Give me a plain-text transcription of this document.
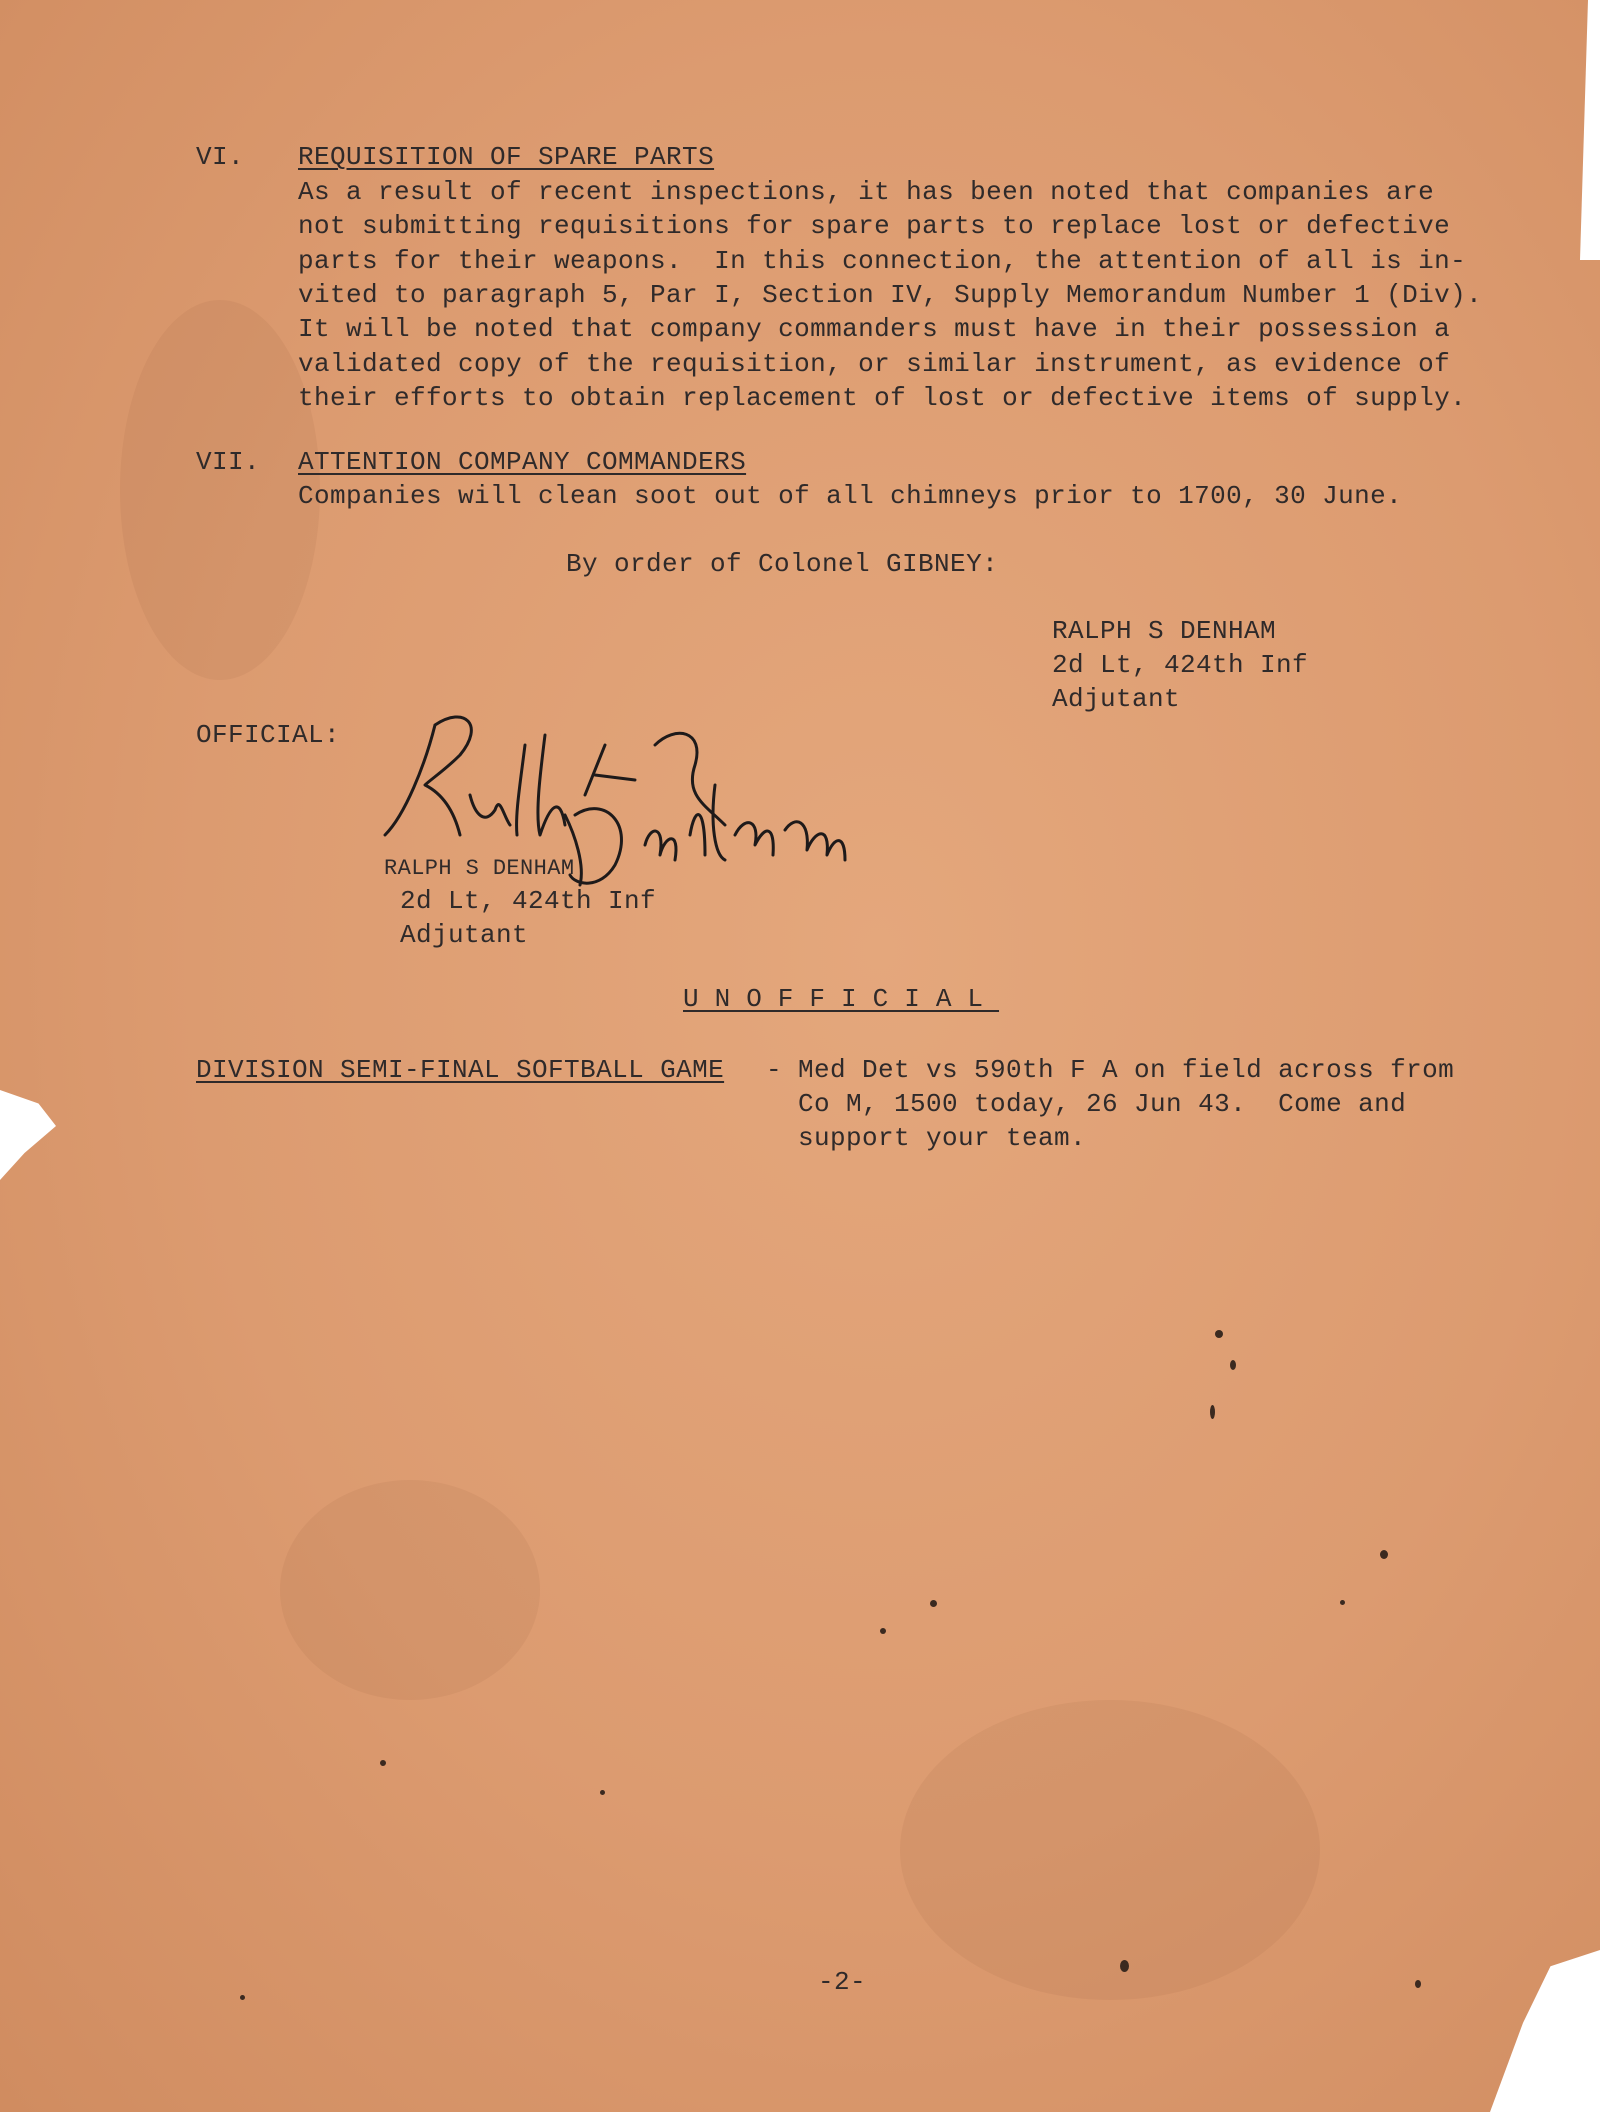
VI. REQUISITION OF SPARE PARTS
As a result of recent inspections, it has been noted that companies are
not submitting requisitions for spare parts to replace lost or defective
parts for their weapons.  In this connection, the attention of all is in-
vited to paragraph 5, Par I, Section IV, Supply Memorandum Number 1 (Div).
It will be noted that company commanders must have in their possession a
validated copy of the requisition, or similar instrument, as evidence of
their efforts to obtain replacement of lost or defective items of supply.
VII. ATTENTION COMPANY COMMANDERS
Companies will clean soot out of all chimneys prior to 1700, 30 June.
By order of Colonel GIBNEY:
RALPH S DENHAM
2d Lt, 424th Inf
Adjutant
OFFICIAL:
RALPH S DENHAM
2d Lt, 424th Inf
Adjutant
UNOFFICIAL
DIVISION SEMI-FINAL SOFTBALL GAME - Med Det vs 590th F A on field across from
Co M, 1500 today, 26 Jun 43.  Come and
support your team.
-2-
